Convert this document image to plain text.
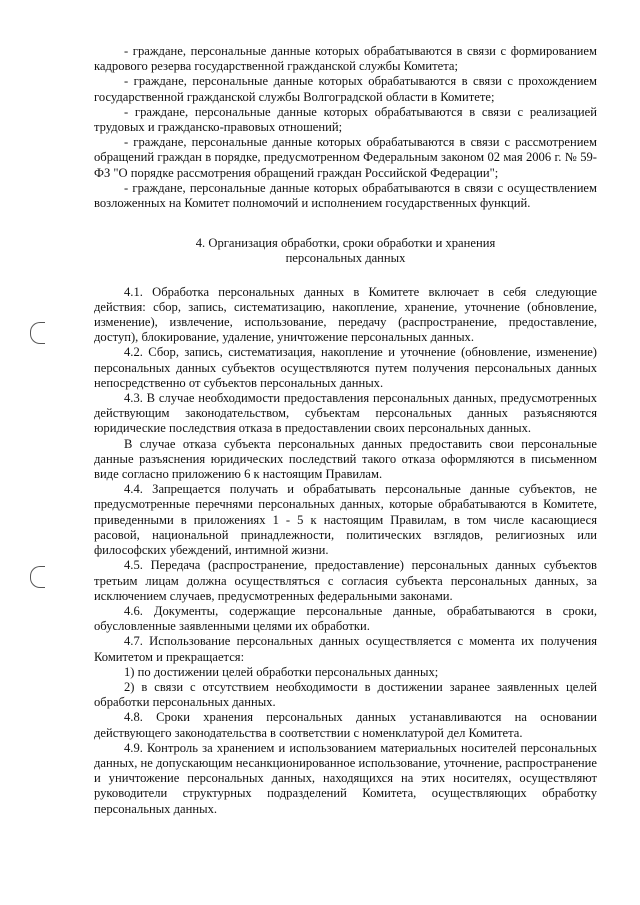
- граждане, персональные данные которых обрабатываются в связи с формированием кадрового резерва государственной гражданской службы Комитета;

- граждане, персональные данные которых обрабатываются в связи с прохождением государственной гражданской службы Волгоградской области в Комитете;

- граждане, персональные данные которых обрабатываются в связи с реализацией трудовых и гражданско-правовых отношений;

- граждане, персональные данные которых обрабатываются в связи с рассмотрением обращений граждан в порядке, предусмотренном Федеральным законом 02 мая 2006 г. № 59-ФЗ "О порядке рассмотрения обращений граждан Российской Федерации";

- граждане, персональные данные которых обрабатываются в связи с осуществлением возложенных на Комитет полномочий и исполнением государственных функций.

4. Организация обработки, сроки обработки и хранения
персональных данных

4.1. Обработка персональных данных в Комитете включает в себя следующие действия: сбор, запись, систематизацию, накопление, хранение, уточнение (обновление, изменение), извлечение, использование, передачу (распространение, предоставление, доступ), блокирование, удаление, уничтожение персональных данных.

4.2. Сбор, запись, систематизация, накопление и уточнение (обновление, изменение) персональных данных субъектов осуществляются путем получения персональных данных непосредственно от субъектов персональных данных.

4.3. В случае необходимости предоставления персональных данных, предусмотренных действующим законодательством, субъектам персональных данных разъясняются юридические последствия отказа в предоставлении своих персональных данных.

В случае отказа субъекта персональных данных предоставить свои персональные данные разъяснения юридических последствий такого отказа оформляются в письменном виде согласно приложению 6 к настоящим Правилам.

4.4. Запрещается получать и обрабатывать персональные данные субъектов, не предусмотренные перечнями персональных данных, которые обрабатываются в Комитете, приведенными в приложениях 1 - 5 к настоящим Правилам, в том числе касающиеся расовой, национальной принадлежности, политических взглядов, религиозных или философских убеждений, интимной жизни.

4.5. Передача (распространение, предоставление) персональных данных субъектов третьим лицам должна осуществляться с согласия субъекта персональных данных, за исключением случаев, предусмотренных федеральными законами.

4.6. Документы, содержащие персональные данные, обрабатываются в сроки, обусловленные заявленными целями их обработки.

4.7. Использование персональных данных осуществляется с момента их получения Комитетом и прекращается:

1) по достижении целей обработки персональных данных;

2) в связи с отсутствием необходимости в достижении заранее заявленных целей обработки персональных данных.

4.8. Сроки хранения персональных данных устанавливаются на основании действующего законодательства в соответствии с номенклатурой дел Комитета.

4.9. Контроль за хранением и использованием материальных носителей персональных данных, не допускающим несанкционированное использование, уточнение, распространение и уничтожение персональных данных, находящихся на этих носителях, осуществляют руководители структурных подразделений Комитета, осуществляющих обработку персональных данных.
